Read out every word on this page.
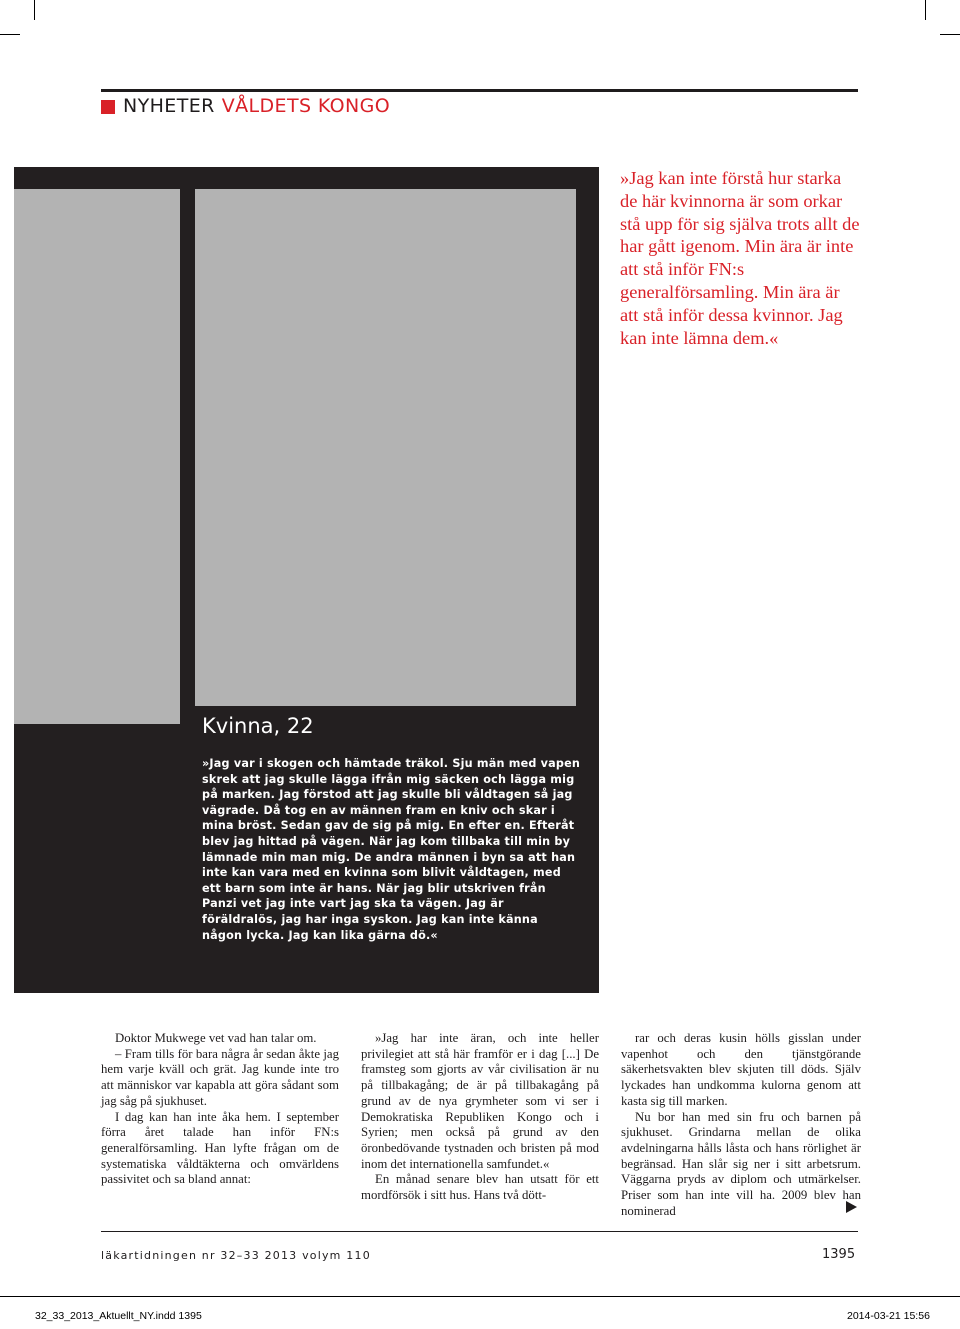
NYHETER VÅLDETS KONGO
Kvinna, 22
»Jag var i skogen och hämtade träkol. Sju män med vapen skrek att jag skulle lägga ifrån mig säcken och lägga mig på marken. Jag förstod att jag skulle bli våldtagen så jag vägrade. Då tog en av männen fram en kniv och skar i mina bröst. Sedan gav de sig på mig. En efter en. Efteråt blev jag hittad på vägen. När jag kom tillbaka till min by lämnade min man mig. De andra männen i byn sa att han inte kan vara med en kvinna som blivit våldtagen, med ett barn som inte är hans. När jag blir utskriven från Panzi vet jag inte vart jag ska ta vägen. Jag är föräldralös, jag har inga syskon. Jag kan inte känna någon lycka. Jag kan lika gärna dö.«
»Jag kan inte förstå hur starka de här kvinnorna är som orkar stå upp för sig själva trots allt de har gått igenom. Min ära är inte att stå inför FN:s generalförsamling. Min ära är att stå inför dessa kvinnor. Jag kan inte lämna dem.«

Doktor Mukwege vet vad han talar om.

– Fram tills för bara några år sedan åkte jag hem varje kväll och grät. Jag kunde inte tro att människor var kapabla att göra sådant som jag såg på sjukhuset.

I dag kan han inte åka hem. I september förra året talade han inför FN:s generalförsamling. Han lyfte frågan om de systematiska våldtäkterna och omvärldens passivitet och sa bland annat:

»Jag har inte äran, och inte heller privilegiet att stå här framför er i dag [...] De framsteg som gjorts av vår civilisation är nu på tillbakagång; de är på tillbakagång på grund av de nya grymheter som vi ser i Demokratiska Republiken Kongo och i Syrien; men också på grund av den öronbedövande tystnaden och bristen på mod inom det internationella samfundet.«

En månad senare blev han utsatt för ett mordförsök i sitt hus. Hans två dött-

rar och deras kusin hölls gisslan under vapenhot och den tjänstgörande säkerhetsvakten blev skjuten till döds. Själv lyckades han undkomma kulorna genom att kasta sig till marken.

Nu bor han med sin fru och barnen på sjukhuset. Grindarna mellan de olika avdelningarna hålls låsta och hans rörlighet är begränsad. Han slår sig ner i sitt arbetsrum. Väggarna pryds av diplom och utmärkelser. Priser som han inte vill ha. 2009 blev han nominerad

läkartidningen nr 32–33 2013 volym 110	1395
32_33_2013_Aktuellt_NY.indd 1395	2014-03-21 15:56
